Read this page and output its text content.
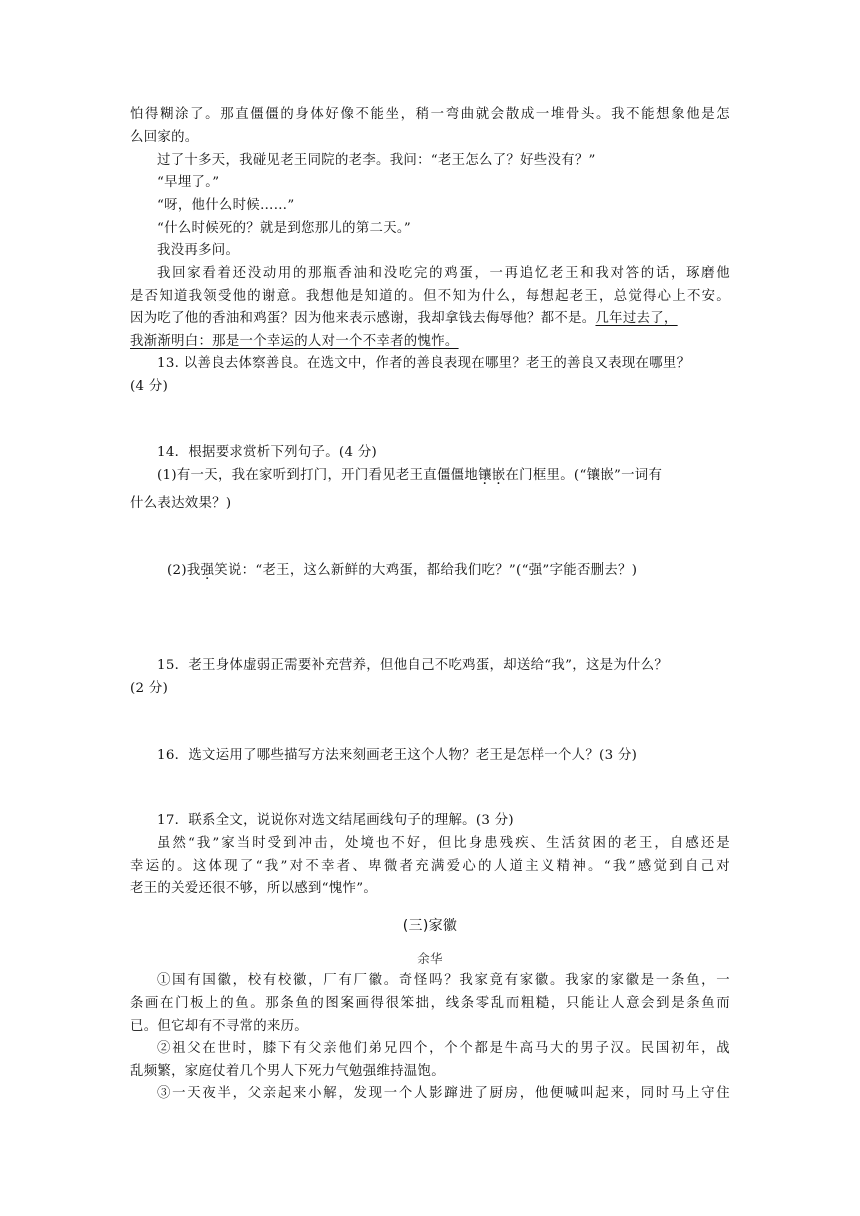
怕得糊涂了。那直僵僵的身体好像不能坐，稍一弯曲就会散成一堆骨头。我不能想象他是怎
么回家的。
过了十多天，我碰见老王同院的老李。我问：“老王怎么了？好些没有？”
“早埋了。”
“呀，他什么时候……”
“什么时候死的？就是到您那儿的第二天。”
我没再多问。
我回家看着还没动用的那瓶香油和没吃完的鸡蛋，一再追忆老王和我对答的话，琢磨他
是否知道我领受他的谢意。我想他是知道的。但不知为什么，每想起老王，总觉得心上不安。
因为吃了他的香油和鸡蛋？因为他来表示感谢，我却拿钱去侮辱他？都不是。几年过去了，
我渐渐明白：那是一个幸运的人对一个不幸者的愧怍。
13. 以善良去体察善良。在选文中，作者的善良表现在哪里？老王的善良又表现在哪里？
(4 分)
14．根据要求赏析下列句子。(4 分)
(1)有一天，我在家听到打门，开门看见老王直僵僵地镶嵌在门框里。(“镶嵌”一词有
什么表达效果？)
(2)我强笑说：“老王，这么新鲜的大鸡蛋，都给我们吃？”(“强”字能否删去？)
15．老王身体虚弱正需要补充营养，但他自己不吃鸡蛋，却送给“我”，这是为什么？
(2 分)
16．选文运用了哪些描写方法来刻画老王这个人物？老王是怎样一个人？(3 分)
17．联系全文，说说你对选文结尾画线句子的理解。(3 分)
虽然“我”家当时受到冲击，处境也不好，但比身患残疾、生活贫困的老王，自感还是
幸运的。这体现了“我”对不幸者、卑微者充满爱心的人道主义精神。“我”感觉到自己对
老王的关爱还很不够，所以感到“愧怍”。
(三)家徽
余华
①国有国徽，校有校徽，厂有厂徽。奇怪吗？我家竟有家徽。我家的家徽是一条鱼，一
条画在门板上的鱼。那条鱼的图案画得很笨拙，线条零乱而粗糙，只能让人意会到是条鱼而
已。但它却有不寻常的来历。
②祖父在世时，膝下有父亲他们弟兄四个，个个都是牛高马大的男子汉。民国初年，战
乱频繁，家庭仗着几个男人下死力气勉强维持温饱。
③一天夜半，父亲起来小解，发现一个人影蹿进了厨房，他便喊叫起来，同时马上守住
